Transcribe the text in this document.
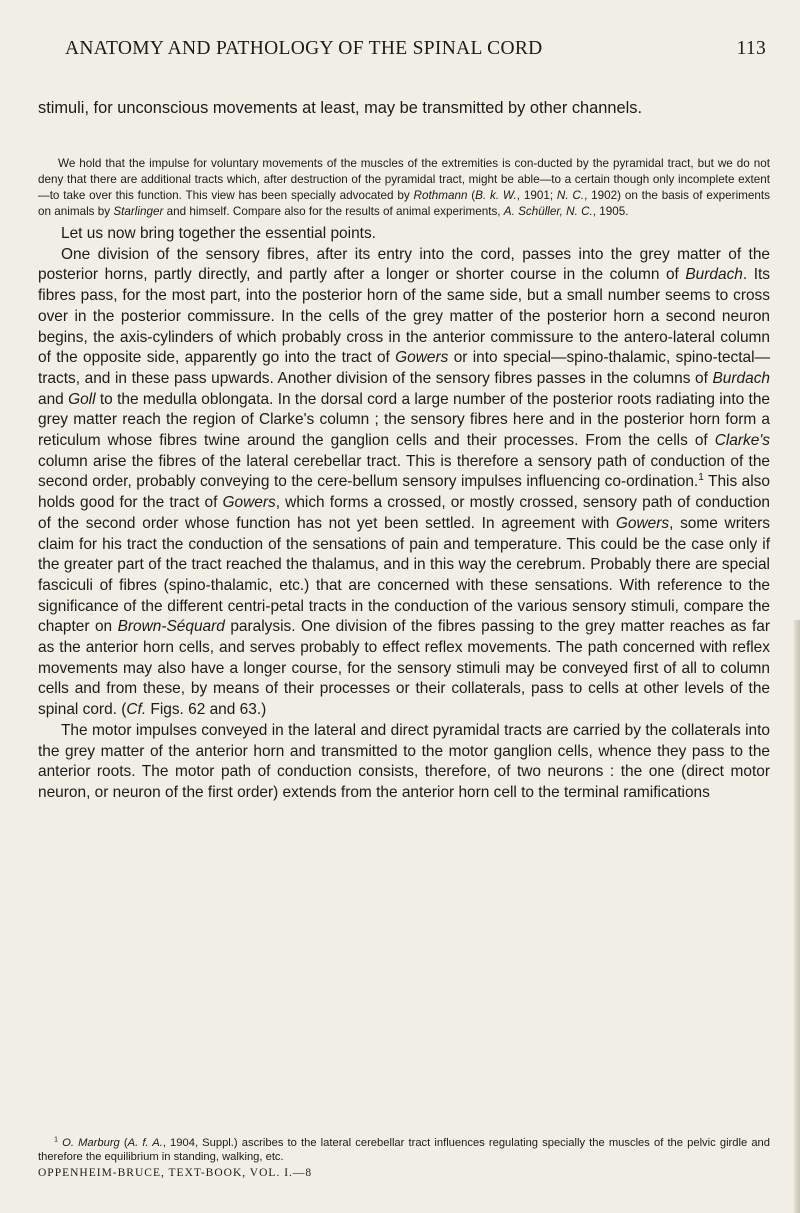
ANATOMY AND PATHOLOGY OF THE SPINAL CORD	113
stimuli, for unconscious movements at least, may be transmitted by other channels.

We hold that the impulse for voluntary movements of the muscles of the extremities is con-ducted by the pyramidal tract, but we do not deny that there are additional tracts which, after destruction of the pyramidal tract, might be able—to a certain though only incomplete extent—to take over this function. This view has been specially advocated by Rothmann (B. k. W., 1901; N. C., 1902) on the basis of experiments on animals by Starlinger and himself. Compare also for the results of animal experiments, A. Schüller, N. C., 1905.

Let us now bring together the essential points.

One division of the sensory fibres, after its entry into the cord, passes into the grey matter of the posterior horns, partly directly, and partly after a longer or shorter course in the column of Burdach. Its fibres pass, for the most part, into the posterior horn of the same side, but a small number seems to cross over in the posterior commissure. In the cells of the grey matter of the posterior horn a second neuron begins, the axis-cylinders of which probably cross in the anterior commissure to the antero-lateral column of the opposite side, apparently go into the tract of Gowers or into special—spino-thalamic, spino-tectal—tracts, and in these pass upwards. Another division of the sensory fibres passes in the columns of Burdach and Goll to the medulla oblongata. In the dorsal cord a large number of the posterior roots radiating into the grey matter reach the region of Clarke's column ; the sensory fibres here and in the posterior horn form a reticulum whose fibres twine around the ganglion cells and their processes. From the cells of Clarke's column arise the fibres of the lateral cerebellar tract. This is therefore a sensory path of conduction of the second order, probably conveying to the cere-bellum sensory impulses influencing co-ordination.$^1$ This also holds good for the tract of Gowers, which forms a crossed, or mostly crossed, sensory path of conduction of the second order whose function has not yet been settled. In agreement with Gowers, some writers claim for his tract the conduction of the sensations of pain and temperature. This could be the case only if the greater part of the tract reached the thalamus, and in this way the cerebrum. Probably there are special fasciculi of fibres (spino-thalamic, etc.) that are concerned with these sensations. With reference to the significance of the different centri-petal tracts in the conduction of the various sensory stimuli, compare the chapter on Brown-Séquard paralysis. One division of the fibres passing to the grey matter reaches as far as the anterior horn cells, and serves probably to effect reflex movements. The path concerned with reflex movements may also have a longer course, for the sensory stimuli may be conveyed first of all to column cells and from these, by means of their processes or their collaterals, pass to cells at other levels of the spinal cord. (Cf. Figs. 62 and 63.)

The motor impulses conveyed in the lateral and direct pyramidal tracts are carried by the collaterals into the grey matter of the anterior horn and transmitted to the motor ganglion cells, whence they pass to the anterior roots. The motor path of conduction consists, therefore, of two neurons : the one (direct motor neuron, or neuron of the first order) extends from the anterior horn cell to the terminal ramifications

$^1$ O. Marburg (A. f. A., 1904, Suppl.) ascribes to the lateral cerebellar tract influences regulating specially the muscles of the pelvic girdle and therefore the equilibrium in standing, walking, etc.

OPPENHEIM-BRUCE, TEXT-BOOK, VOL. I.—8
